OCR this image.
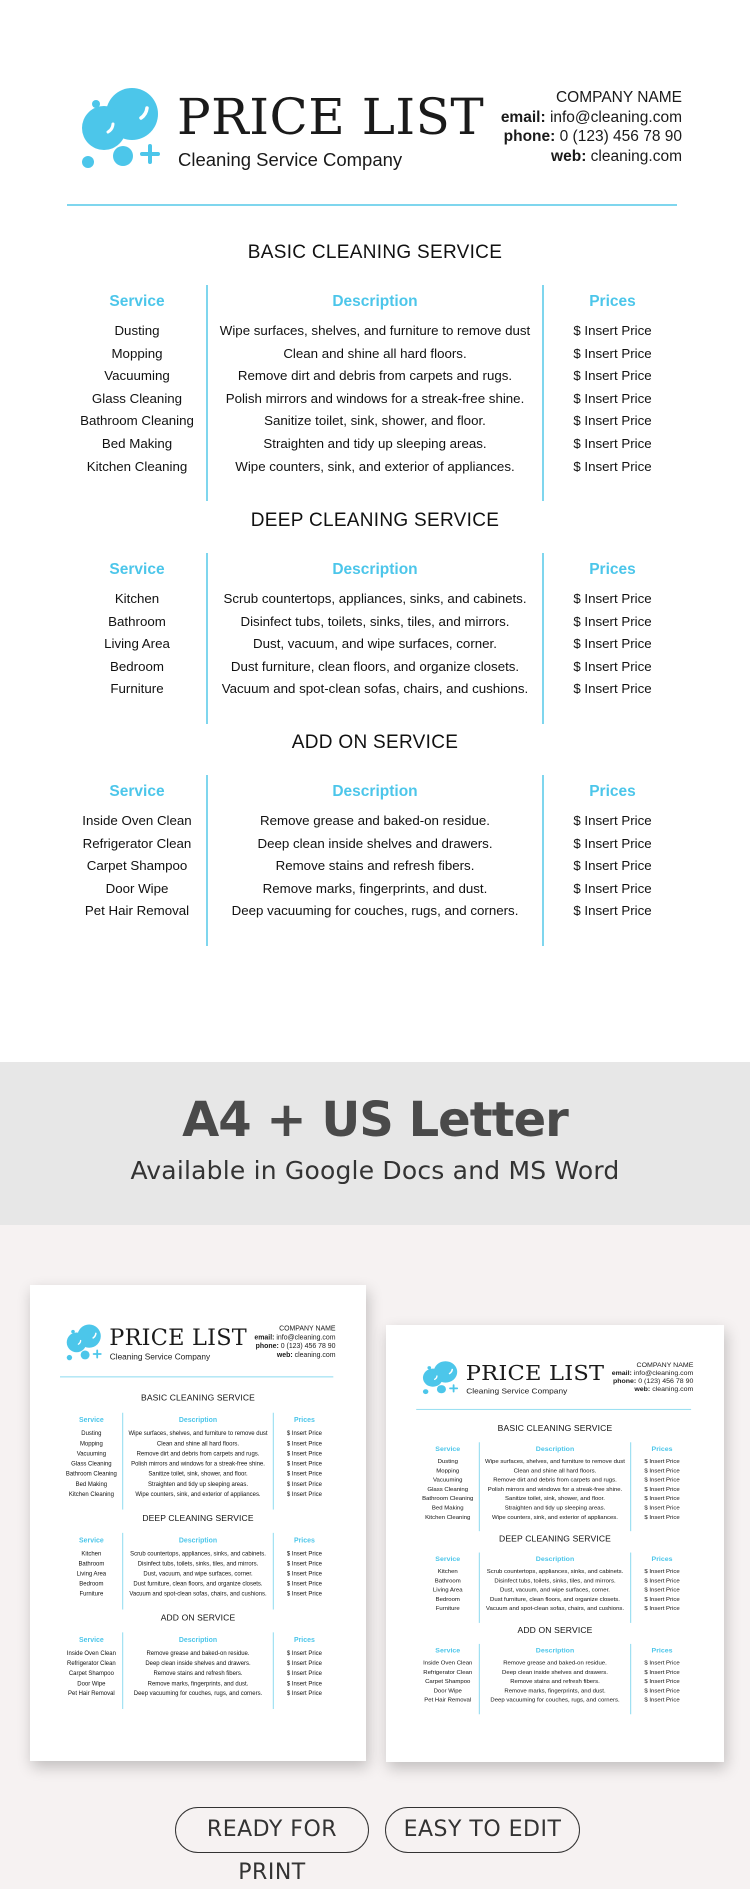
PRICE LIST
Cleaning Service Company
COMPANY NAME
email: info@cleaning.com
phone: 0 (123) 456 78 90
web: cleaning.com
BASIC CLEANING SERVICE
Service	Description	Prices
Dusting	Wipe surfaces, shelves, and furniture to remove dust	$ Insert Price
Mopping	Clean and shine all hard floors.	$ Insert Price
Vacuuming	Remove dirt and debris from carpets and rugs.	$ Insert Price
Glass Cleaning	Polish mirrors and windows for a streak-free shine.	$ Insert Price
Bathroom Cleaning	Sanitize toilet, sink, shower, and floor.	$ Insert Price
Bed Making	Straighten and tidy up sleeping areas.	$ Insert Price
Kitchen Cleaning	Wipe counters, sink, and exterior of appliances.	$ Insert Price
DEEP CLEANING SERVICE
Service	Description	Prices
Kitchen	Scrub countertops, appliances, sinks, and cabinets.	$ Insert Price
Bathroom	Disinfect tubs, toilets, sinks, tiles, and mirrors.	$ Insert Price
Living Area	Dust, vacuum, and wipe surfaces, corner.	$ Insert Price
Bedroom	Dust furniture, clean floors, and organize closets.	$ Insert Price
Furniture	Vacuum and spot-clean sofas, chairs, and cushions.	$ Insert Price
ADD ON SERVICE
Service	Description	Prices
Inside Oven Clean	Remove grease and baked-on residue.	$ Insert Price
Refrigerator Clean	Deep clean inside shelves and drawers.	$ Insert Price
Carpet Shampoo	Remove stains and refresh fibers.	$ Insert Price
Door Wipe	Remove marks, fingerprints, and dust.	$ Insert Price
Pet Hair Removal	Deep vacuuming for couches, rugs, and corners.	$ Insert Price
A4 + US Letter

Available in Google Docs and MS Word

PRICE LIST
Cleaning Service Company
COMPANY NAME
email: info@cleaning.com
phone: 0 (123) 456 78 90
web: cleaning.com
BASIC CLEANING SERVICE
Service	Description	Prices
Dusting	Wipe surfaces, shelves, and furniture to remove dust	$ Insert Price
Mopping	Clean and shine all hard floors.	$ Insert Price
Vacuuming	Remove dirt and debris from carpets and rugs.	$ Insert Price
Glass Cleaning	Polish mirrors and windows for a streak-free shine.	$ Insert Price
Bathroom Cleaning	Sanitize toilet, sink, shower, and floor.	$ Insert Price
Bed Making	Straighten and tidy up sleeping areas.	$ Insert Price
Kitchen Cleaning	Wipe counters, sink, and exterior of appliances.	$ Insert Price
DEEP CLEANING SERVICE
Service	Description	Prices
Kitchen	Scrub countertops, appliances, sinks, and cabinets.	$ Insert Price
Bathroom	Disinfect tubs, toilets, sinks, tiles, and mirrors.	$ Insert Price
Living Area	Dust, vacuum, and wipe surfaces, corner.	$ Insert Price
Bedroom	Dust furniture, clean floors, and organize closets.	$ Insert Price
Furniture	Vacuum and spot-clean sofas, chairs, and cushions.	$ Insert Price
ADD ON SERVICE
Service	Description	Prices
Inside Oven Clean	Remove grease and baked-on residue.	$ Insert Price
Refrigerator Clean	Deep clean inside shelves and drawers.	$ Insert Price
Carpet Shampoo	Remove stains and refresh fibers.	$ Insert Price
Door Wipe	Remove marks, fingerprints, and dust.	$ Insert Price
Pet Hair Removal	Deep vacuuming for couches, rugs, and corners.	$ Insert Price
PRICE LIST
Cleaning Service Company
COMPANY NAME
email: info@cleaning.com
phone: 0 (123) 456 78 90
web: cleaning.com
BASIC CLEANING SERVICE
Service	Description	Prices
Dusting	Wipe surfaces, shelves, and furniture to remove dust	$ Insert Price
Mopping	Clean and shine all hard floors.	$ Insert Price
Vacuuming	Remove dirt and debris from carpets and rugs.	$ Insert Price
Glass Cleaning	Polish mirrors and windows for a streak-free shine.	$ Insert Price
Bathroom Cleaning	Sanitize toilet, sink, shower, and floor.	$ Insert Price
Bed Making	Straighten and tidy up sleeping areas.	$ Insert Price
Kitchen Cleaning	Wipe counters, sink, and exterior of appliances.	$ Insert Price
DEEP CLEANING SERVICE
Service	Description	Prices
Kitchen	Scrub countertops, appliances, sinks, and cabinets.	$ Insert Price
Bathroom	Disinfect tubs, toilets, sinks, tiles, and mirrors.	$ Insert Price
Living Area	Dust, vacuum, and wipe surfaces, corner.	$ Insert Price
Bedroom	Dust furniture, clean floors, and organize closets.	$ Insert Price
Furniture	Vacuum and spot-clean sofas, chairs, and cushions.	$ Insert Price
ADD ON SERVICE
Service	Description	Prices
Inside Oven Clean	Remove grease and baked-on residue.	$ Insert Price
Refrigerator Clean	Deep clean inside shelves and drawers.	$ Insert Price
Carpet Shampoo	Remove stains and refresh fibers.	$ Insert Price
Door Wipe	Remove marks, fingerprints, and dust.	$ Insert Price
Pet Hair Removal	Deep vacuuming for couches, rugs, and corners.	$ Insert Price
READY FOR PRINT
EASY TO EDIT
